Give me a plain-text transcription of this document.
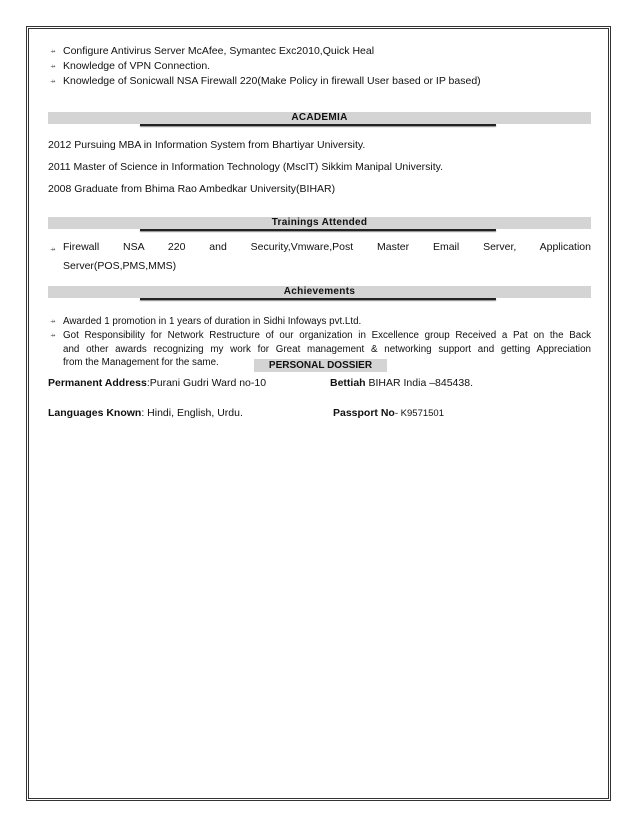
⍆ Configure Antivirus Server McAfee, Symantec Exc2010,Quick Heal
⍆ Knowledge of VPN Connection.
⍆ Knowledge of Sonicwall NSA Firewall 220(Make Policy in firewall User based or IP based)
ACADEMIA
2012 Pursuing MBA in Information System from Bhartiyar University.
2011 Master of Science in Information Technology (MscIT) Sikkim Manipal University.
2008 Graduate from Bhima Rao Ambedkar University(BIHAR)
Trainings Attended
⍆ Firewall NSA 220 and Security,Vmware,Post Master Email Server, Application
Server(POS,PMS,MMS)
Achievements
⍆ Awarded 1 promotion in 1 years of duration in Sidhi Infoways pvt.Ltd.
⍆ Got Responsibility for Network Restructure of our organization in Excellence group Received a Pat on the Back
and other awards recognizing my work for Great management & networking support and getting Appreciation
from the Management for the same.	PERSONAL DOSSIER
Permanent Address:Purani Gudri Ward no-10	Bettiah BIHAR India –845438.
Languages Known: Hindi, English, Urdu.	Passport No- K9571501
